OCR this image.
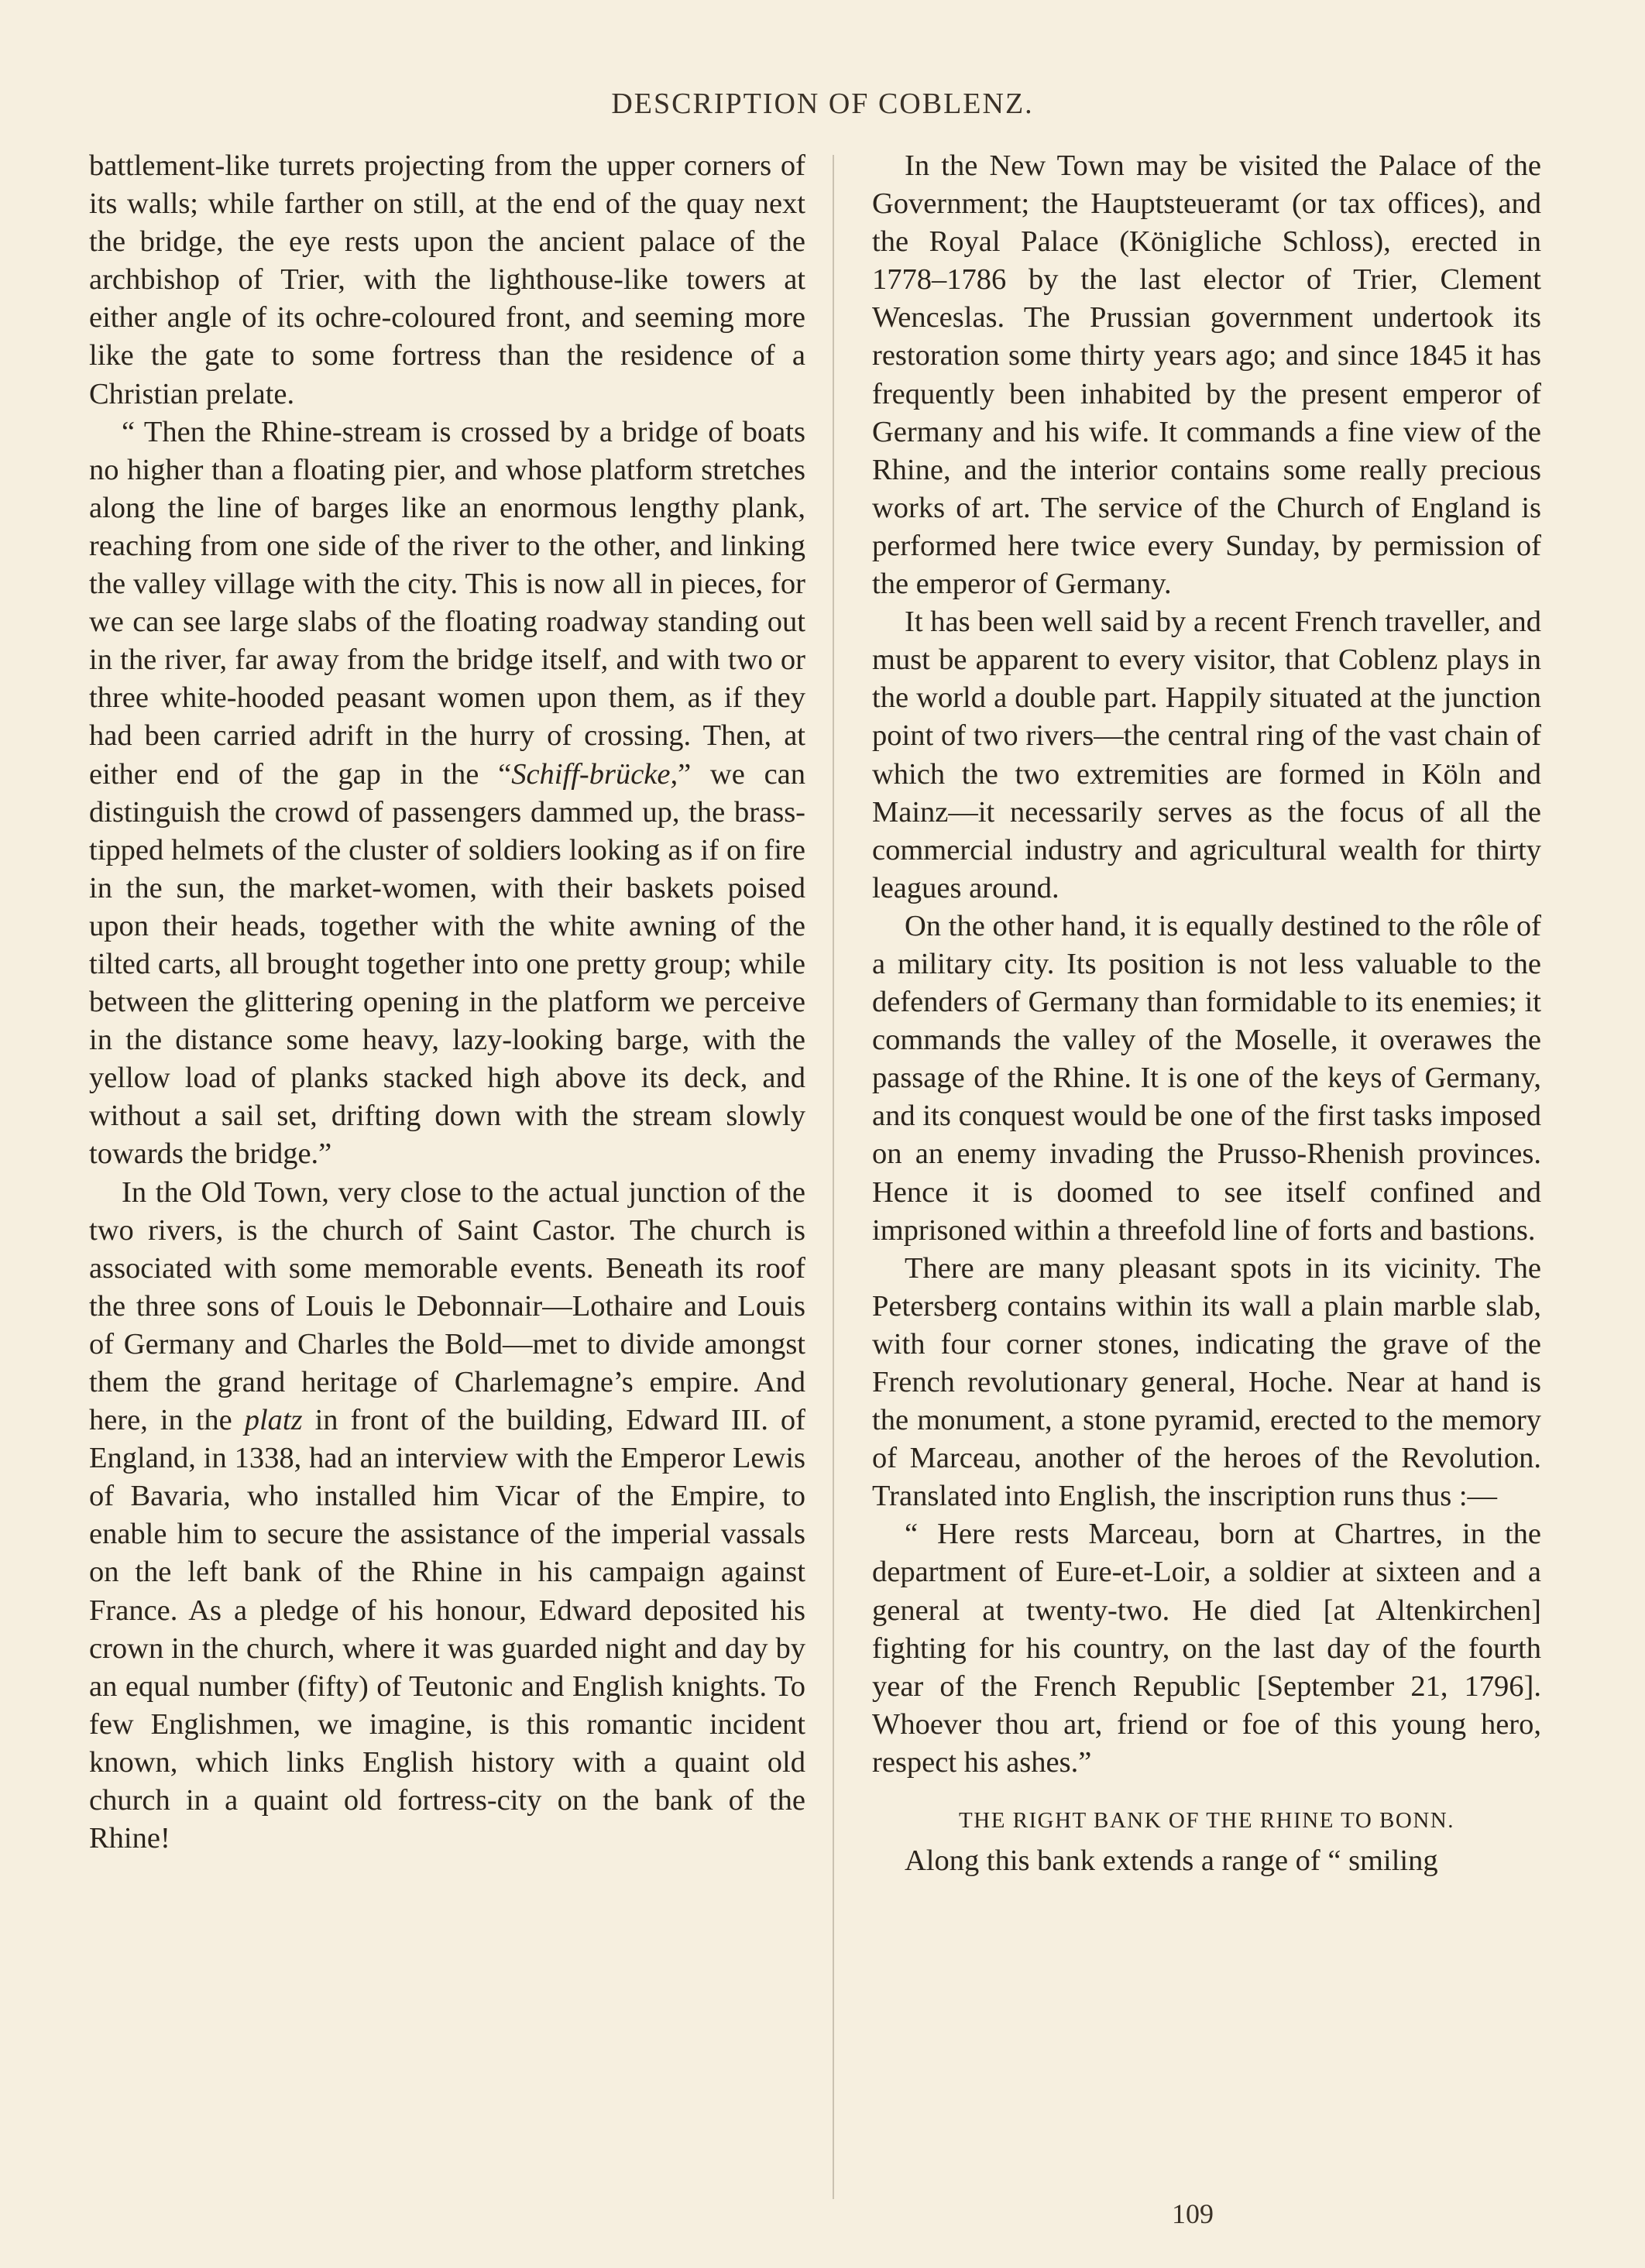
DESCRIPTION OF COBLENZ.

battlement-like turrets projecting from the upper corners of its walls; while farther on still, at the end of the quay next the bridge, the eye rests upon the ancient palace of the archbishop of Trier, with the lighthouse-like towers at either angle of its ochre-coloured front, and seeming more like the gate to some fortress than the residence of a Christian prelate.

“ Then the Rhine-stream is crossed by a bridge of boats no higher than a floating pier, and whose platform stretches along the line of barges like an enormous lengthy plank, reaching from one side of the river to the other, and linking the valley village with the city. This is now all in pieces, for we can see large slabs of the floating roadway standing out in the river, far away from the bridge itself, and with two or three white-hooded peasant women upon them, as if they had been carried adrift in the hurry of crossing. Then, at either end of the gap in the “Schiff-brücke,” we can distinguish the crowd of passengers dammed up, the brass-tipped helmets of the cluster of soldiers looking as if on fire in the sun, the market-women, with their baskets poised upon their heads, together with the white awning of the tilted carts, all brought together into one pretty group; while between the glittering opening in the platform we perceive in the distance some heavy, lazy-looking barge, with the yellow load of planks stacked high above its deck, and without a sail set, drifting down with the stream slowly towards the bridge.”

In the Old Town, very close to the actual junction of the two rivers, is the church of Saint Castor. The church is associated with some memorable events. Beneath its roof the three sons of Louis le Debonnair—Lothaire and Louis of Germany and Charles the Bold—met to divide amongst them the grand heritage of Charlemagne’s empire. And here, in the platz in front of the building, Edward III. of England, in 1338, had an interview with the Emperor Lewis of Bavaria, who installed him Vicar of the Empire, to enable him to secure the assistance of the imperial vassals on the left bank of the Rhine in his campaign against France. As a pledge of his honour, Edward deposited his crown in the church, where it was guarded night and day by an equal number (fifty) of Teutonic and English knights. To few Englishmen, we imagine, is this romantic incident known, which links English history with a quaint old church in a quaint old fortress-city on the bank of the Rhine!

In the New Town may be visited the Palace of the Government; the Hauptsteueramt (or tax offices), and the Royal Palace (Königliche Schloss), erected in 1778–1786 by the last elector of Trier, Clement Wenceslas. The Prussian government undertook its restoration some thirty years ago; and since 1845 it has frequently been inhabited by the present emperor of Germany and his wife. It commands a fine view of the Rhine, and the interior contains some really precious works of art. The service of the Church of England is performed here twice every Sunday, by permission of the emperor of Germany.

It has been well said by a recent French traveller, and must be apparent to every visitor, that Coblenz plays in the world a double part. Happily situated at the junction point of two rivers—the central ring of the vast chain of which the two extremities are formed in Köln and Mainz—it necessarily serves as the focus of all the commercial industry and agricultural wealth for thirty leagues around.

On the other hand, it is equally destined to the rôle of a military city. Its position is not less valuable to the defenders of Germany than formidable to its enemies; it commands the valley of the Moselle, it overawes the passage of the Rhine. It is one of the keys of Germany, and its conquest would be one of the first tasks imposed on an enemy invading the Prusso-Rhenish provinces. Hence it is doomed to see itself confined and imprisoned within a threefold line of forts and bastions.

There are many pleasant spots in its vicinity. The Petersberg contains within its wall a plain marble slab, with four corner stones, indicating the grave of the French revolutionary general, Hoche. Near at hand is the monument, a stone pyramid, erected to the memory of Marceau, another of the heroes of the Revolution. Translated into English, the inscription runs thus :—

“ Here rests Marceau, born at Chartres, in the department of Eure-et-Loir, a soldier at sixteen and a general at twenty-two. He died [at Altenkirchen] fighting for his country, on the last day of the fourth year of the French Republic [September 21, 1796]. Whoever thou art, friend or foe of this young hero, respect his ashes.”

THE RIGHT BANK OF THE RHINE TO BONN.

Along this bank extends a range of “ smiling

109
